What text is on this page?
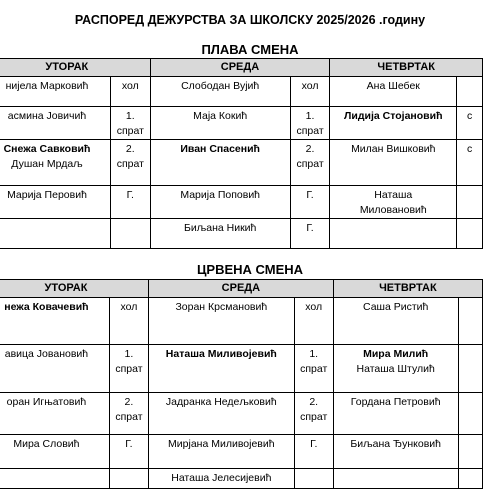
РАСПОРЕД ДЕЖУРСТВА ЗА ШКОЛСКУ 2025/2026 .годину
ПЛАВА СМЕНА
УТОРАК		СРЕДА		ЧЕТВРТАК	

нијела Марковић	хол	Слободан Вујић	хол	Ана Шебек	

асмина Јовичић	1. спрат	Маја Кокић	1. спрат	Лидија Стојановић	с

Снежа Савковић
Душан Мрдаљ	2. спрат	Иван Спасенић	2. спрат	Милан Вишковић	с

Марија Перовић	Г.	Марија Поповић	Г.	Наташа
Миловановић	

		Биљана Никић	Г.	

ЦРВЕНА СМЕНА
УТОРАК		СРЕДА		ЧЕТВРТАК	

нежа Ковачевић	хол	Зоран Крсмановић	хол	Саша Ристић	

авица Јовановић	1. спрат	Наташа Миливојевић	1. спрат	Мира Милић
Наташа Штулић	

оран Игњатовић	2. спрат	Јадранка Недељковић	2. спрат	Гордана Петровић	

Мира Словић	Г.	Мирјана Миливојевић	Г.	Биљана Ђунковић	

		Наташа Јелесијевић			
